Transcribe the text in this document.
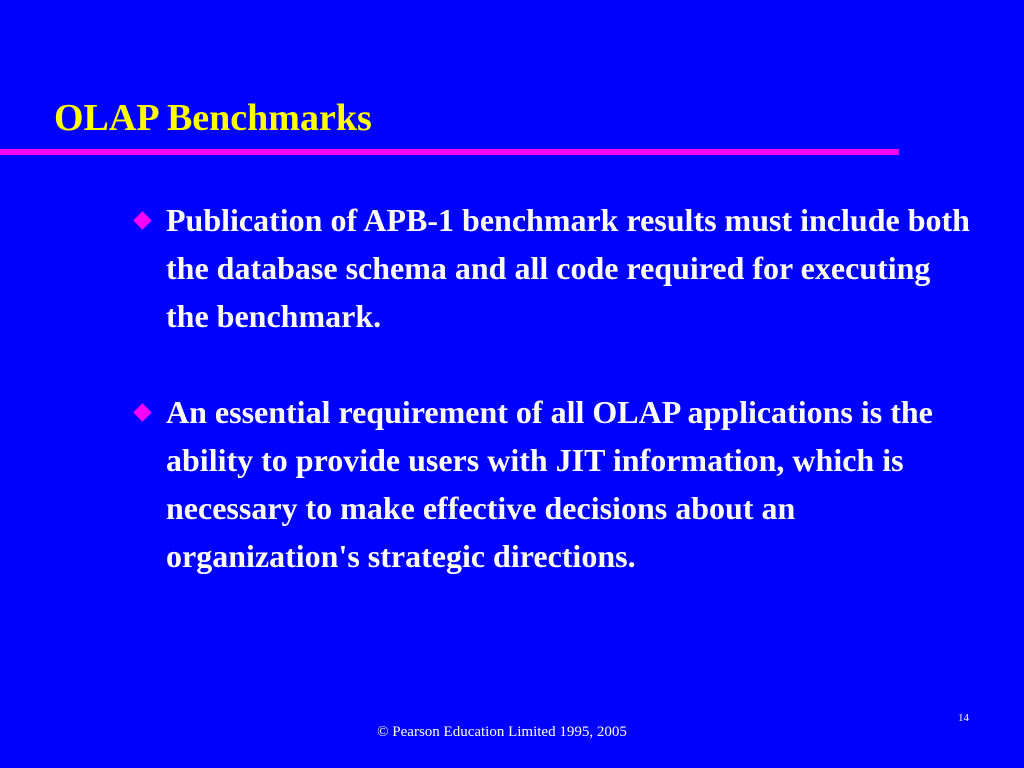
OLAP Benchmarks
Publication of APB-1 benchmark results must include both the database schema and all code required for executing the benchmark.
An essential requirement of all OLAP applications is the ability to provide users with JIT information, which is necessary to make effective decisions about an organization's strategic directions.
14
© Pearson Education Limited 1995, 2005
